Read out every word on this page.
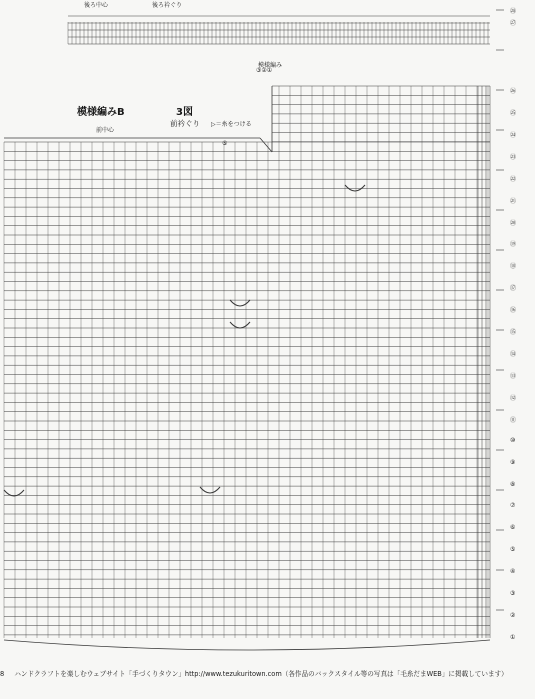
後ろ中心	後ろ衿ぐり
模様編みB	3図
前衿ぐり ▷＝糸をつける
前中心
模様編み
③②①
㉘
㉗
㉖
㉕
㉔
㉓
㉒
㉑
⑳
⑲
⑱
⑰
⑯
⑮
⑭
⑬
⑫
⑪
⑩
⑨
⑧
⑦
⑥
⑤
④
③
②
①
⑤
8 ハンドクラフトを楽しむウェブサイト「手づくりタウン」http://www.tezukuritown.com（各作品のバックスタイル等の写真は「毛糸だまWEB」に掲載しています）
